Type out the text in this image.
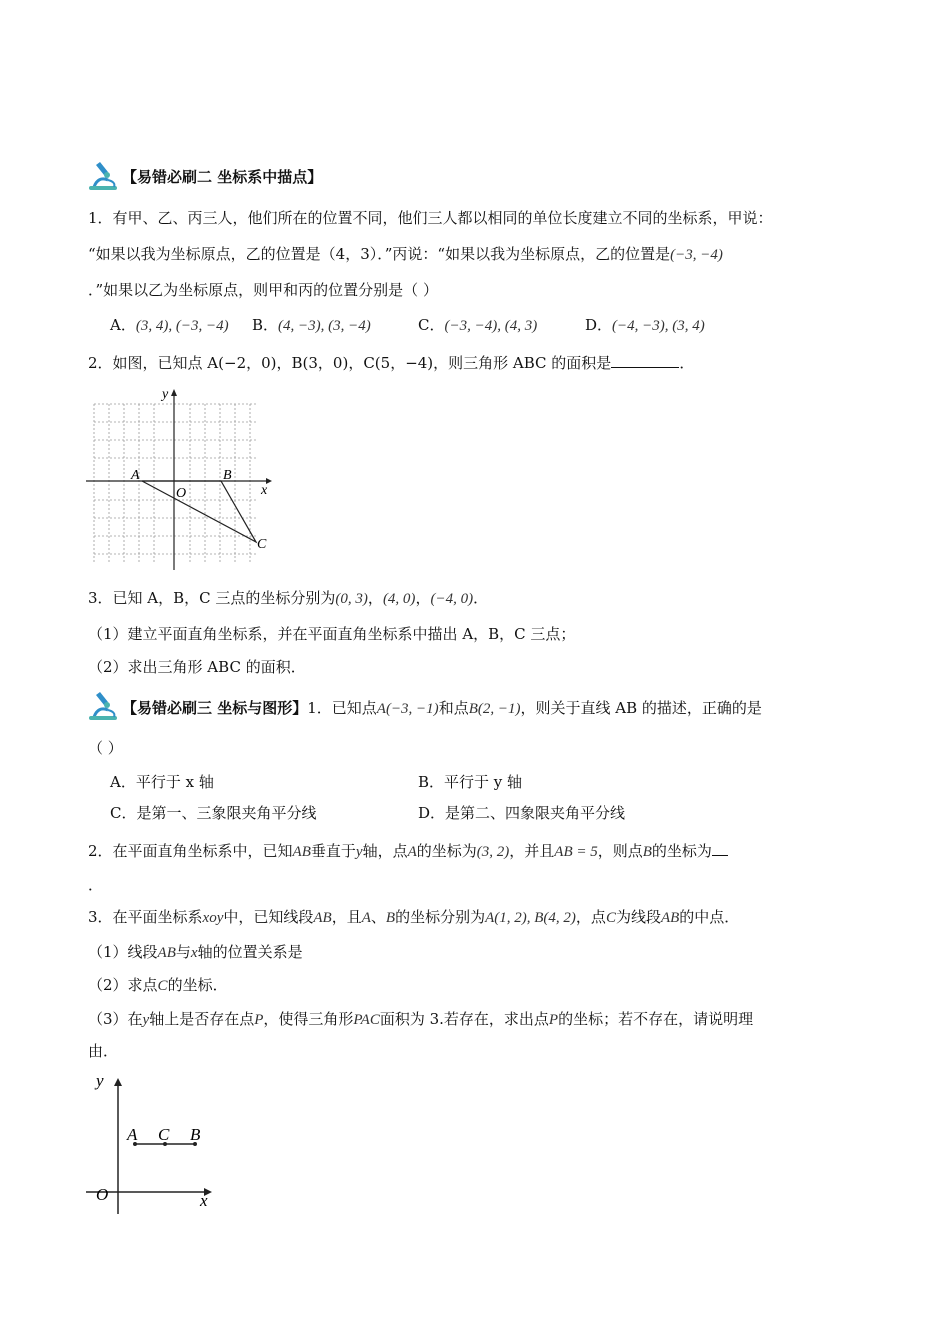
【易错必刷二 坐标系中描点】
1．有甲、乙、丙三人，他们所在的位置不同，他们三人都以相同的单位长度建立不同的坐标系，甲说：
“如果以我为坐标原点，乙的位置是（4，3）．”丙说：“如果以我为坐标原点，乙的位置是(−3, −4)
．”如果以乙为坐标原点，则甲和丙的位置分别是（ ）
A．(3, 4), (−3, −4) B．(4, −3), (3, −4)	C．(−3, −4), (4, 3)	D．(−4, −3), (3, 4)
2．如图，已知点 A(−2，0)，B(3，0)，C(5，−4)，则三角形 ABC 的面积是	．
y
x
O
A	B
C
3．已知 A，B，C 三点的坐标分别为(0, 3)，(4, 0)，(−4, 0)．
（1）建立平面直角坐标系，并在平面直角坐标系中描出 A，B，C 三点；
（2）求出三角形 ABC 的面积．
【易错必刷三 坐标与图形】1．已知点A(−3, −1)和点B(2, −1)，则关于直线 AB 的描述，正确的是
（ ）
A．平行于 x 轴	B．平行于 y 轴
C．是第一、三象限夹角平分线	D．是第二、四象限夹角平分线
2．在平面直角坐标系中，已知AB垂直于y轴，点A的坐标为(3, 2)，并且AB = 5，则点B的坐标为
．
3．在平面坐标系xoy中，已知线段AB，且A、B的坐标分别为A(1, 2), B(4, 2)，点C为线段AB的中点．
（1）线段AB与x轴的位置关系是
（2）求点C的坐标．
（3）在y轴上是否存在点P，使得三角形PAC面积为 3.若存在，求出点P的坐标；若不存在，请说明理
由．
y
x
O
A C B
